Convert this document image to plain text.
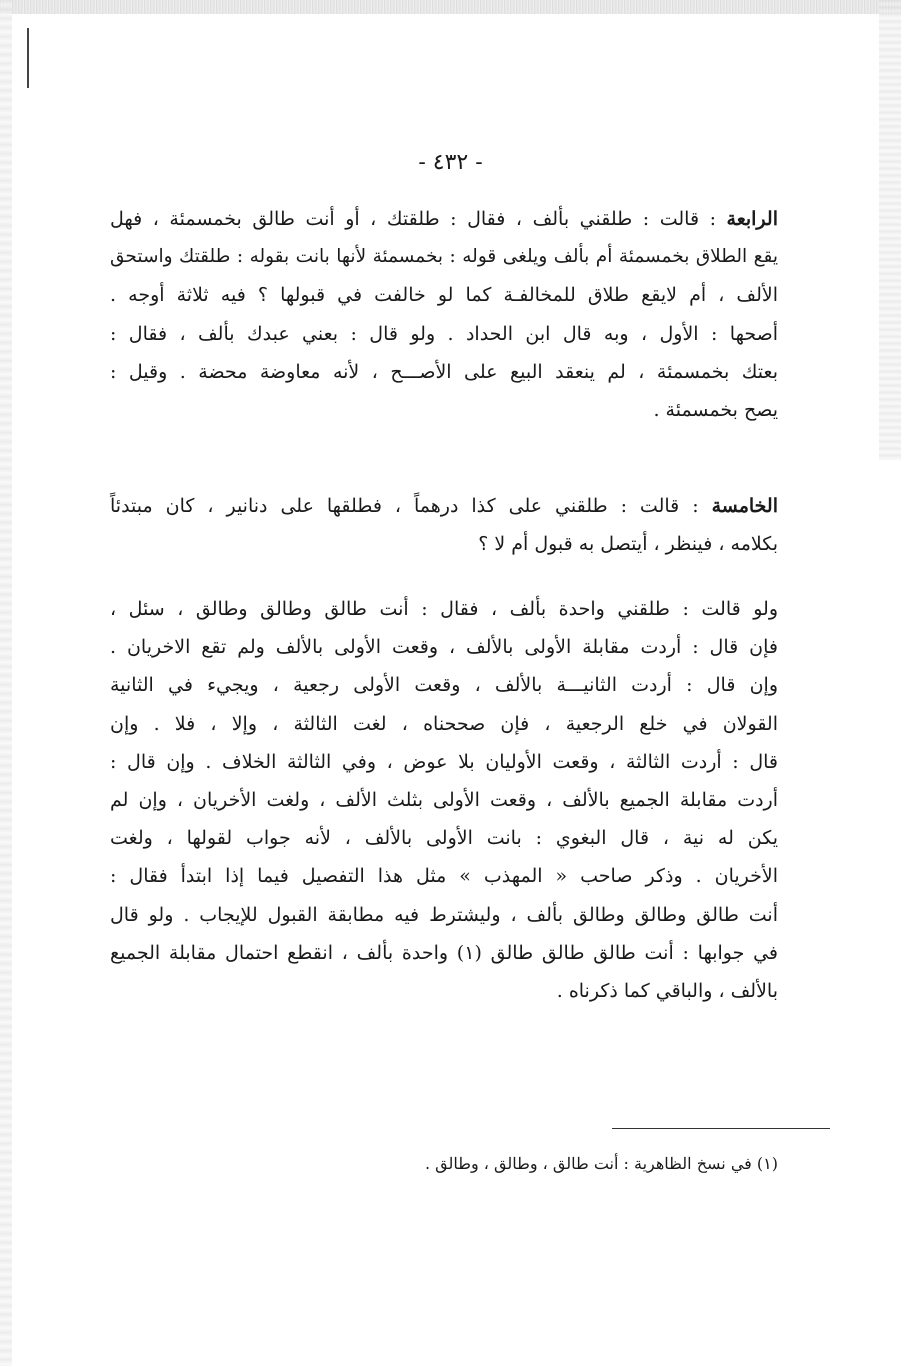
- ٤٣٢ -
الرابعة : قالت : طلقني بألف ، فقال : طلقتك ، أو أنت طالق بخمسمئة ، فهل
يقع الطلاق بخمسمئة أم بألف ويلغى قوله : بخمسمئة لأنها بانت بقوله : طلقتك واستحق
الألف ، أم لايقع طلاق للمخالفـة كما لو خالفت في قبولها ؟ فيه ثلاثة أوجه .
أصحها : الأول ، وبه قال ابن الحداد . ولو قال : بعني عبدك بألف ، فقال :
بعتك بخمسمئة ، لم ينعقد البيع على الأصـــح ، لأنه معاوضة محضة . وقيل :
يصح بخمسمئة .
الخامسة : قالت : طلقني على كذا درهماً ، فطلقها على دنانير ، كان مبتدئاً
بكلامه ، فينظر ، أيتصل به قبول أم لا ؟
ولو قالت : طلقني واحدة بألف ، فقال : أنت طالق وطالق وطالق ، سئل ،
فإن قال : أردت مقابلة الأولى بالألف ، وقعت الأولى بالألف ولم تقع الاخريان .
وإن قال : أردت الثانيـــة بالألف ، وقعت الأولى رجعية ، ويجيء في الثانية
القولان في خلع الرجعية ، فإن صححناه ، لغت الثالثة ، وإلا ، فلا . وإن
قال : أردت الثالثة ، وقعت الأوليان بلا عوض ، وفي الثالثة الخلاف . وإن قال :
أردت مقابلة الجميع بالألف ، وقعت الأولى بثلث الألف ، ولغت الأخريان ، وإن لم
يكن له نية ، قال البغوي : بانت الأولى بالألف ، لأنه جواب لقولها ، ولغت
الأخريان . وذكر صاحب « المهذب » مثل هذا التفصيل فيما إذا ابتدأ فقال :
أنت طالق وطالق وطالق بألف ، وليشترط فيه مطابقة القبول للإيجاب . ولو قال
في جوابها : أنت طالق طالق طالق (١) واحدة بألف ، انقطع احتمال مقابلة الجميع
بالألف ، والباقي كما ذكرناه .
(١) في نسخ الظاهرية : أنت طالق ، وطالق ، وطالق .
